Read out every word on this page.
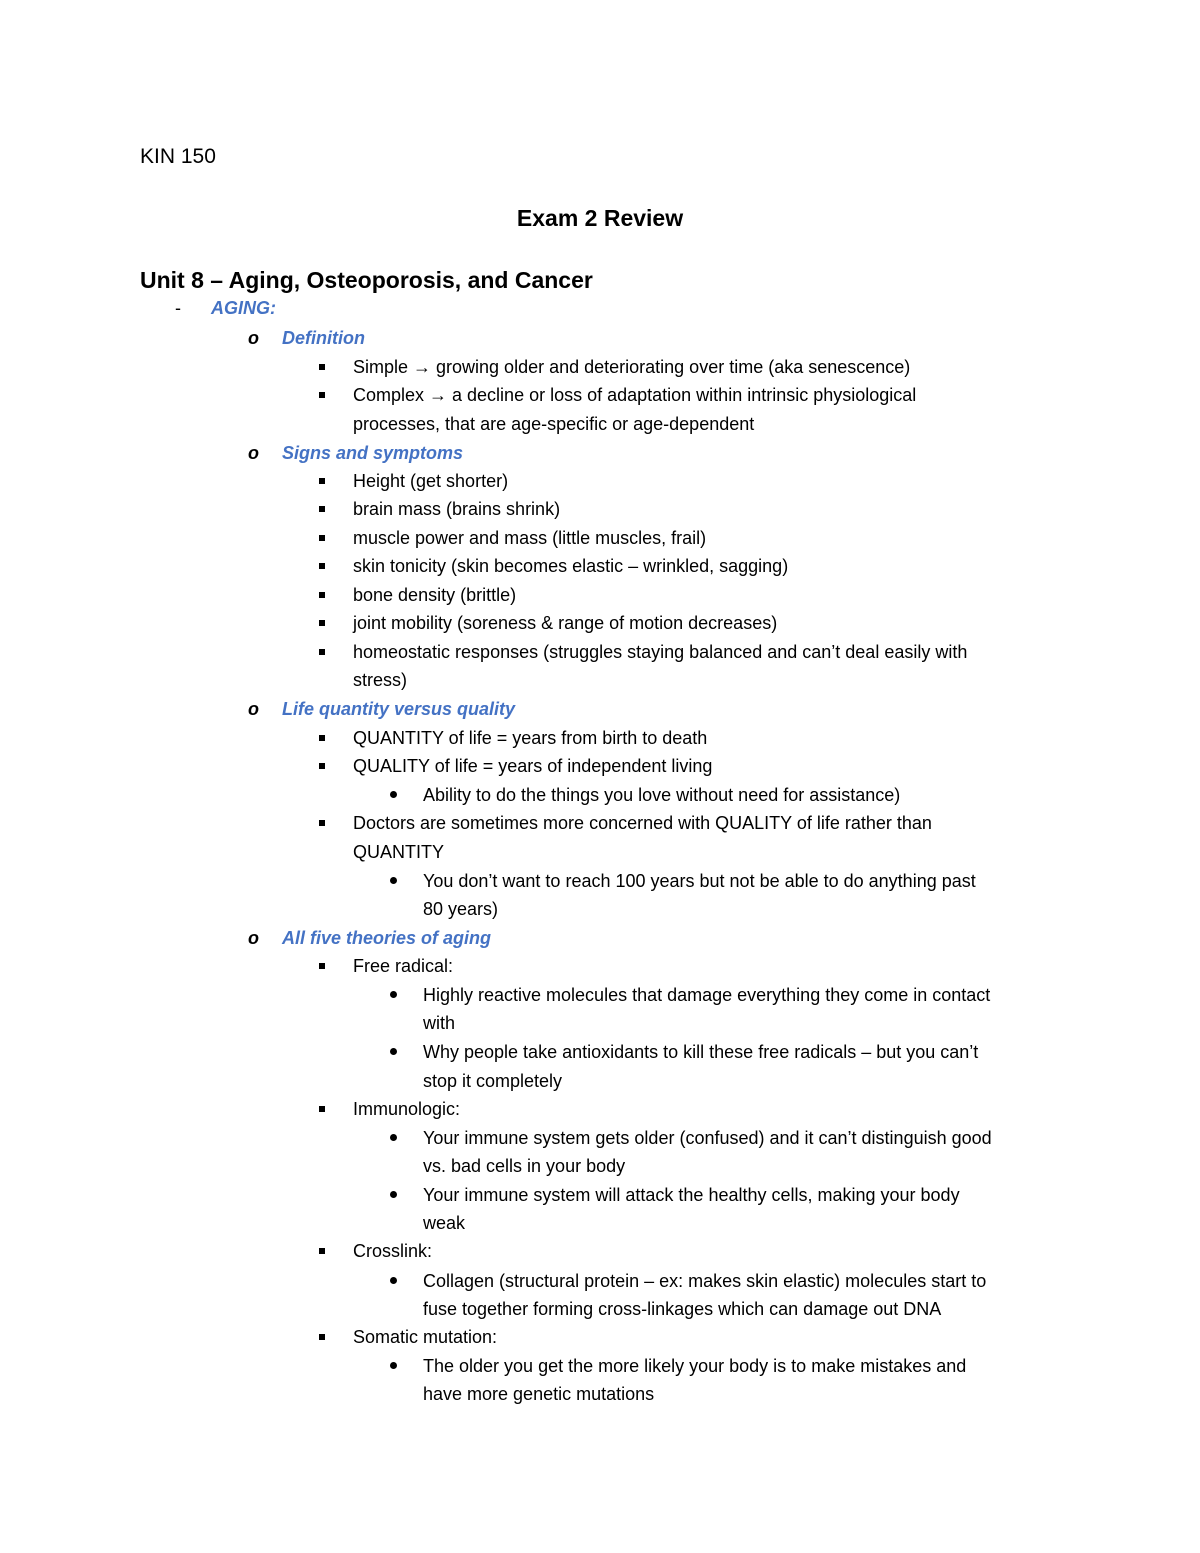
KIN 150
Exam 2 Review
Unit 8 – Aging, Osteoporosis, and Cancer
- AGING:
o Definition
Simple → growing older and deteriorating over time (aka senescence)
Complex → a decline or loss of adaptation within intrinsic physiological
processes, that are age-specific or age-dependent
o Signs and symptoms
Height (get shorter)
brain mass (brains shrink)
muscle power and mass (little muscles, frail)
skin tonicity (skin becomes elastic – wrinkled, sagging)
bone density (brittle)
joint mobility (soreness & range of motion decreases)
homeostatic responses (struggles staying balanced and can’t deal easily with
stress)
o Life quantity versus quality
QUANTITY of life = years from birth to death
QUALITY of life = years of independent living
Ability to do the things you love without need for assistance)
Doctors are sometimes more concerned with QUALITY of life rather than
QUANTITY
You don’t want to reach 100 years but not be able to do anything past
80 years)
o All five theories of aging
Free radical:
Highly reactive molecules that damage everything they come in contact
with
Why people take antioxidants to kill these free radicals – but you can’t
stop it completely
Immunologic:
Your immune system gets older (confused) and it can’t distinguish good
vs. bad cells in your body
Your immune system will attack the healthy cells, making your body
weak
Crosslink:
Collagen (structural protein – ex: makes skin elastic) molecules start to
fuse together forming cross-linkages which can damage out DNA
Somatic mutation:
The older you get the more likely your body is to make mistakes and
have more genetic mutations
